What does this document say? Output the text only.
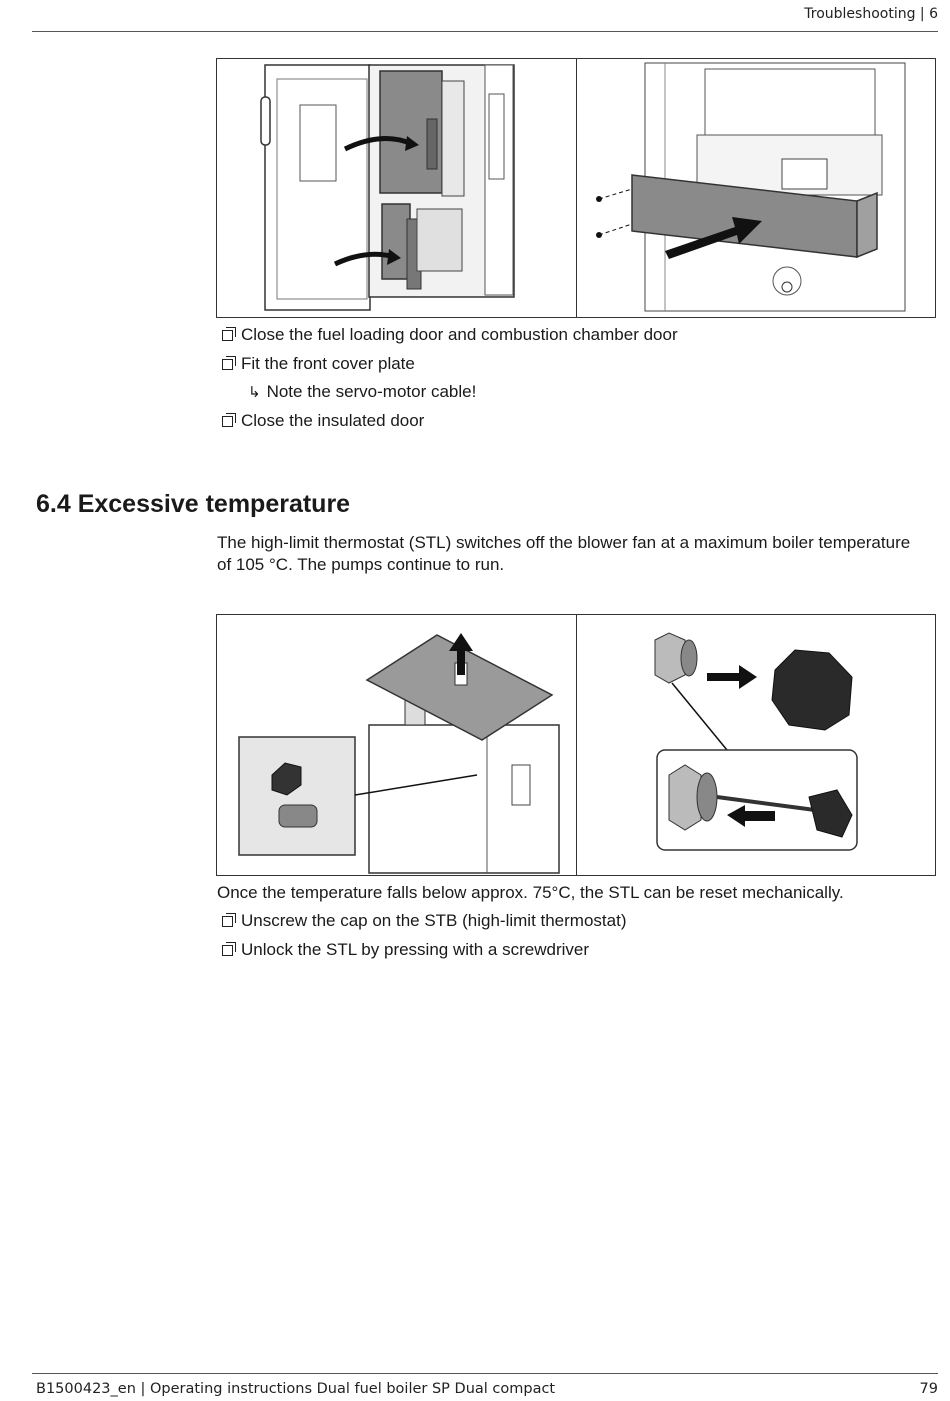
Troubleshooting | 6
Close the fuel loading door and combustion chamber door
Fit the front cover plate
↳ Note the servo-motor cable!
Close the insulated door
6.4 Excessive temperature

The high-limit thermostat (STL) switches off the blower fan at a maximum boiler temperature of 105 °C. The pumps continue to run.

Once the temperature falls below approx. 75°C, the STL can be reset mechanically.

Unscrew the cap on the STB (high-limit thermostat)
Unlock the STL by pressing with a screwdriver
B1500423_en | Operating instructions Dual fuel boiler SP Dual compact	79
